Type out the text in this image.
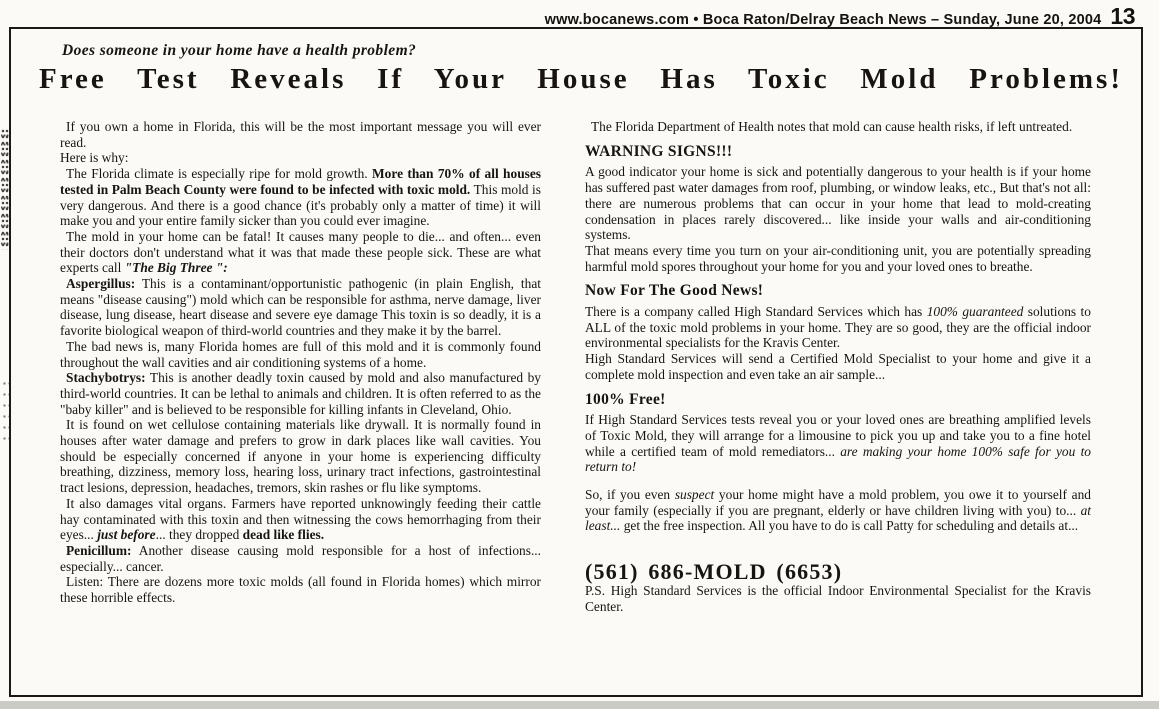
www.bocanews.com • Boca Raton/Delray Beach News – Sunday, June 20, 2004 13
Does someone in your home have a health problem?
Free Test Reveals If Your House Has Toxic Mold Problems!

If you own a home in Florida, this will be the most important message you will ever read.

Here is why:

The Florida climate is especially ripe for mold growth. More than 70% of all houses tested in Palm Beach County were found to be infected with toxic mold. This mold is very dangerous. And there is a good chance (it's probably only a matter of time) it will make you and your entire family sicker than you could ever imagine.

The mold in your home can be fatal! It causes many people to die... and often... even their doctors don't understand what it was that made these people sick. These are what experts call "The Big Three ":

Aspergillus: This is a contaminant/opportunistic pathogenic (in plain English, that means "disease causing") mold which can be responsible for asthma, nerve damage, liver disease, lung disease, heart disease and severe eye damage This toxin is so deadly, it is a favorite biological weapon of third-world countries and they make it by the barrel.

The bad news is, many Florida homes are full of this mold and it is commonly found throughout the wall cavities and air conditioning systems of a home.

Stachybotrys: This is another deadly toxin caused by mold and also manufactured by third-world countries. It can be lethal to animals and children. It is often referred to as the "baby killer" and is believed to be responsible for killing infants in Cleveland, Ohio.

It is found on wet cellulose containing materials like drywall. It is normally found in houses after water damage and prefers to grow in dark places like wall cavities. You should be especially concerned if anyone in your home is experiencing difficulty breathing, dizziness, memory loss, hearing loss, urinary tract infections, gastrointestinal tract lesions, depression, headaches, tremors, skin rashes or flu like symptoms.

It also damages vital organs. Farmers have reported unknowingly feeding their cattle hay contaminated with this toxin and then witnessing the cows hemorrhaging from their eyes... just before... they dropped dead like flies.

Penicillum: Another disease causing mold responsible for a host of infections... especially... cancer.

Listen: There are dozens more toxic molds (all found in Florida homes) which mirror these horrible effects.

The Florida Department of Health notes that mold can cause health risks, if left untreated.

WARNING SIGNS!!!

A good indicator your home is sick and potentially dangerous to your health is if your home has suffered past water damages from roof, plumbing, or window leaks, etc., But that's not all: there are numerous problems that can occur in your home that lead to mold-creating condensation in places rarely discovered... like inside your walls and air-conditioning systems.

That means every time you turn on your air-conditioning unit, you are potentially spreading harmful mold spores throughout your home for you and your loved ones to breathe.

Now For The Good News!

There is a company called High Standard Services which has 100% guaranteed solutions to ALL of the toxic mold problems in your home. They are so good, they are the official indoor environmental specialists for the Kravis Center.

High Standard Services will send a Certified Mold Specialist to your home and give it a complete mold inspection and even take an air sample...

100% Free!

If High Standard Services tests reveal you or your loved ones are breathing amplified levels of Toxic Mold, they will arrange for a limousine to pick you up and take you to a fine hotel while a certified team of mold remediators... are making your home 100% safe for you to return to!

So, if you even suspect your home might have a mold problem, you owe it to yourself and your family (especially if you are pregnant, elderly or have children living with you) to... at least... get the free inspection. All you have to do is call Patty for scheduling and details at...

(561) 686-MOLD (6653)

P.S. High Standard Services is the official Indoor Environmental Specialist for the Kravis Center.
